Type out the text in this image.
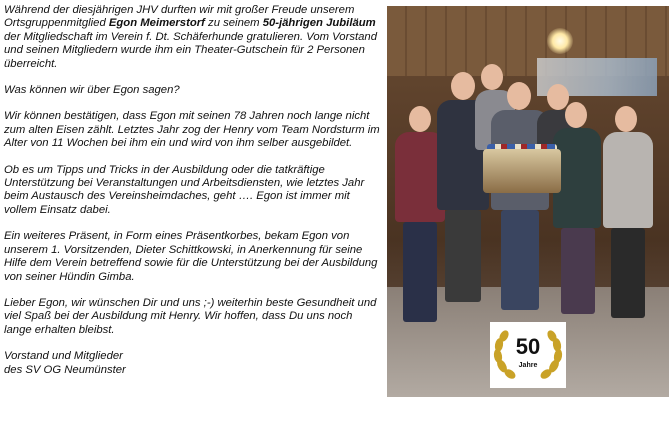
Während der diesjährigen JHV durften wir mit großer Freude unserem Ortsgruppenmitglied Egon Meimerstorf zu seinem 50-jährigen Jubiläum der Mitgliedschaft im Verein f. Dt. Schäferhunde gratulieren. Vom Vorstand und seinen Mitgliedern wurde ihm ein Theater-Gutschein für 2 Personen überreicht.

Was können wir über Egon sagen?

Wir können bestätigen, dass Egon mit seinen 78 Jahren noch lange nicht zum alten Eisen zählt. Letztes Jahr zog der Henry vom Team Nordsturm im Alter von 11 Wochen bei ihm ein und wird von ihm selber ausgebildet.

Ob es um Tipps und Tricks in der Ausbildung oder die tatkräftige Unterstützung bei Veranstaltungen und Arbeitsdiensten, wie letztes Jahr beim Austausch des Vereinsheimdaches, geht …. Egon ist immer mit vollem Einsatz dabei.

Ein weiteres Präsent, in Form eines Präsentkorbes, bekam Egon von unserem 1. Vorsitzenden, Dieter Schittkowski, in Anerkennung für seine Hilfe dem Verein betreffend sowie für die Unterstützung bei der Ausbildung von seiner Hündin Gimba.

Lieber Egon, wir wünschen Dir und uns ;-) weiterhin beste Gesundheit und viel Spaß bei der Ausbildung mit Henry. Wir hoffen, dass Du uns noch lange erhalten bleibst.

Vorstand und Mitglieder
des SV OG Neumünster

50
Jahre
